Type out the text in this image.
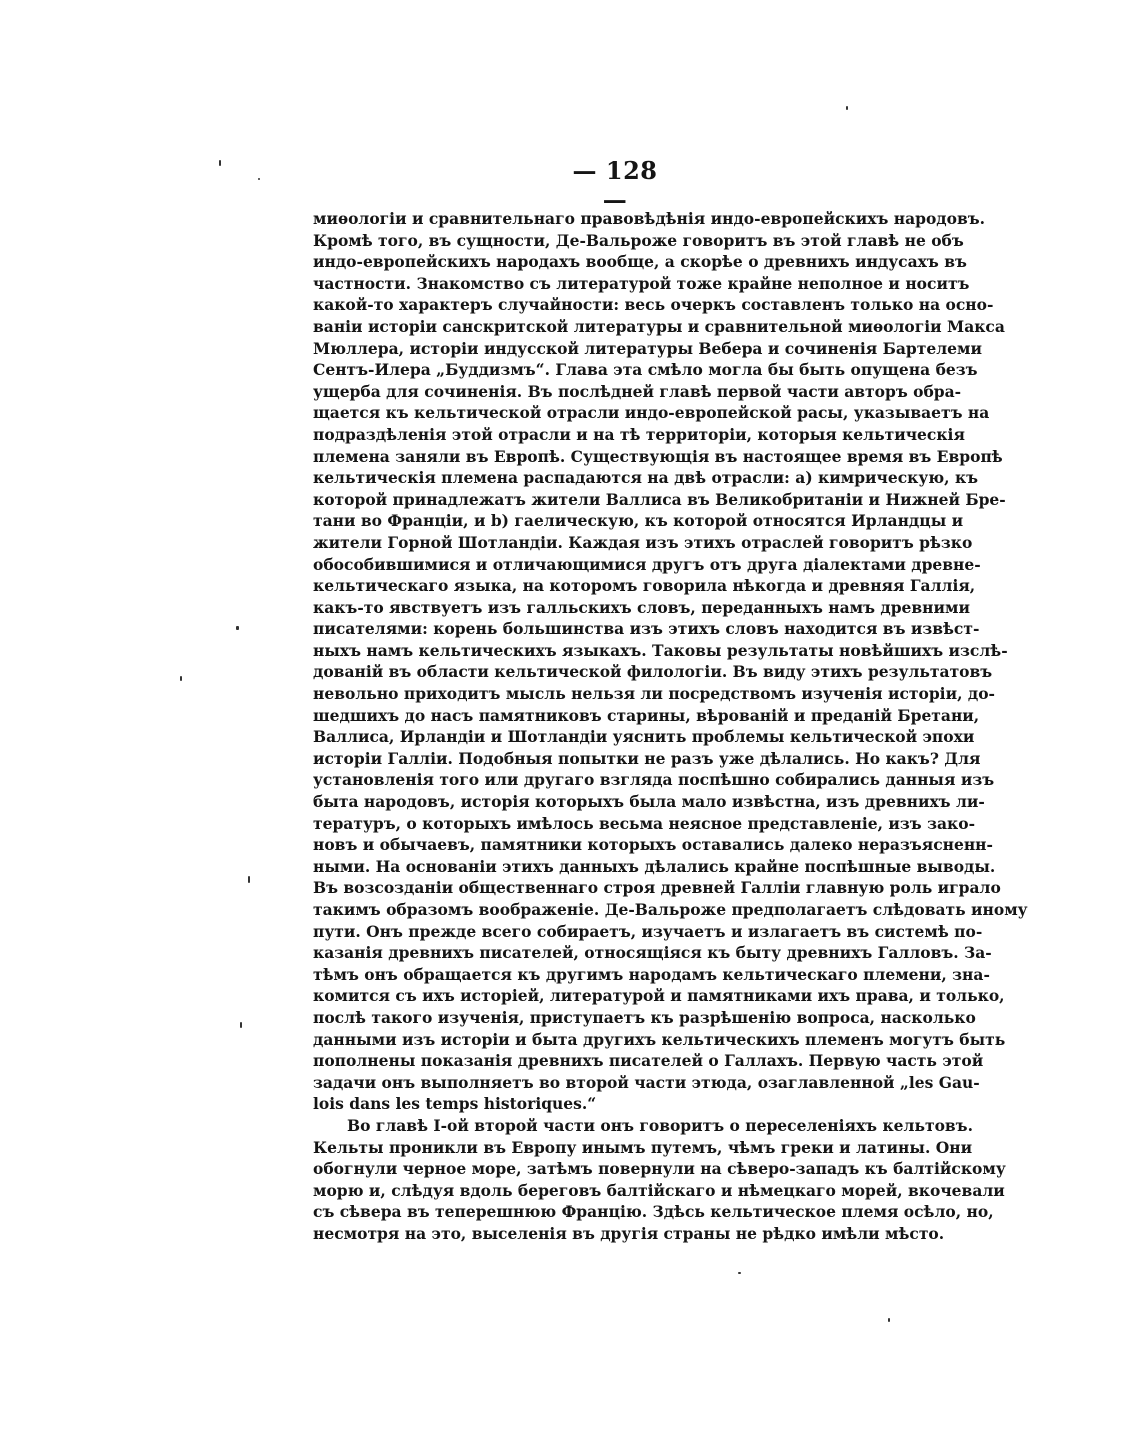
— 128 —
миѳологіи и сравнительнаго правовѣдѣнія индо-европейскихъ народовъ.
Кромѣ того, въ сущности, Де-Вальроже говоритъ въ этой главѣ не объ
индо-европейскихъ народахъ вообще, а скорѣе о древнихъ индусахъ въ
частности. Знакомство съ литературой тоже крайне неполное и носитъ
какой-то характеръ случайности: весь очеркъ составленъ только на осно-
ваніи исторіи санскритской литературы и сравнительной миѳологіи Макса
Мюллера, исторіи индусской литературы Вебера и сочиненія Бартелеми
Сентъ-Илера „Буддизмъ“. Глава эта смѣло могла бы быть опущена безъ
ущерба для сочиненія. Въ послѣдней главѣ первой части авторъ обра-
щается къ кельтической отрасли индо-европейской расы, указываетъ на
подраздѣленія этой отрасли и на тѣ территоріи, которыя кельтическія
племена заняли въ Европѣ. Существующія въ настоящее время въ Европѣ
кельтическія племена распадаются на двѣ отрасли: а) кимрическую, къ
которой принадлежатъ жители Валлиса въ Великобританіи и Нижней Бре-
тани во Франціи, и b) гаелическую, къ которой относятся Ирландцы и
жители Горной Шотландіи. Каждая изъ этихъ отраслей говоритъ рѣзко
обособившимися и отличающимися другъ отъ друга діалектами древне-
кельтическаго языка, на которомъ говорила нѣкогда и древняя Галлія,
какъ-то явствуетъ изъ галльскихъ словъ, переданныхъ намъ древними
писателями: корень большинства изъ этихъ словъ находится въ извѣст-
ныхъ намъ кельтическихъ языкахъ. Таковы результаты новѣйшихъ изслѣ-
дованій въ области кельтической филологіи. Въ виду этихъ результатовъ
невольно приходитъ мысль нельзя ли посредствомъ изученія исторіи, до-
шедшихъ до насъ памятниковъ старины, вѣрованій и преданій Бретани,
Валлиса, Ирландіи и Шотландіи уяснить проблемы кельтической эпохи
исторіи Галліи. Подобныя попытки не разъ уже дѣлались. Но какъ? Для
установленія того или другаго взгляда поспѣшно собирались данныя изъ
быта народовъ, исторія которыхъ была мало извѣстна, изъ древнихъ ли-
тературъ, о которыхъ имѣлось весьма неясное представленіе, изъ зако-
новъ и обычаевъ, памятники которыхъ оставались далеко неразъясненн-
ными. На основаніи этихъ данныхъ дѣлались крайне поспѣшные выводы.
Въ возсозданіи общественнаго строя древней Галліи главную роль играло
такимъ образомъ воображеніе. Де-Вальроже предполагаетъ слѣдовать иному
пути. Онъ прежде всего собираетъ, изучаетъ и излагаетъ въ системѣ по-
казанія древнихъ писателей, относящіяся къ быту древнихъ Галловъ. За-
тѣмъ онъ обращается къ другимъ народамъ кельтическаго племени, зна-
комится съ ихъ исторіей, литературой и памятниками ихъ права, и только,
послѣ такого изученія, приступаетъ къ разрѣшенію вопроса, насколько
данными изъ исторіи и быта другихъ кельтическихъ племенъ могутъ быть
пополнены показанія древнихъ писателей о Галлахъ. Первую часть этой
задачи онъ выполняетъ во второй части этюда, озаглавленной „les Gau-
lois dans les temps historiques.“
Во главѣ І-ой второй части онъ говоритъ о переселеніяхъ кельтовъ.
Кельты проникли въ Европу инымъ путемъ, чѣмъ греки и латины. Они
обогнули черное море, затѣмъ повернули на сѣверо-западъ къ балтійскому
морю и, слѣдуя вдоль береговъ балтійскаго и нѣмецкаго морей, вкочевали
съ сѣвера въ теперешнюю Францію. Здѣсь кельтическое племя осѣло, но,
несмотря на это, выселенія въ другія страны не рѣдко имѣли мѣсто.
